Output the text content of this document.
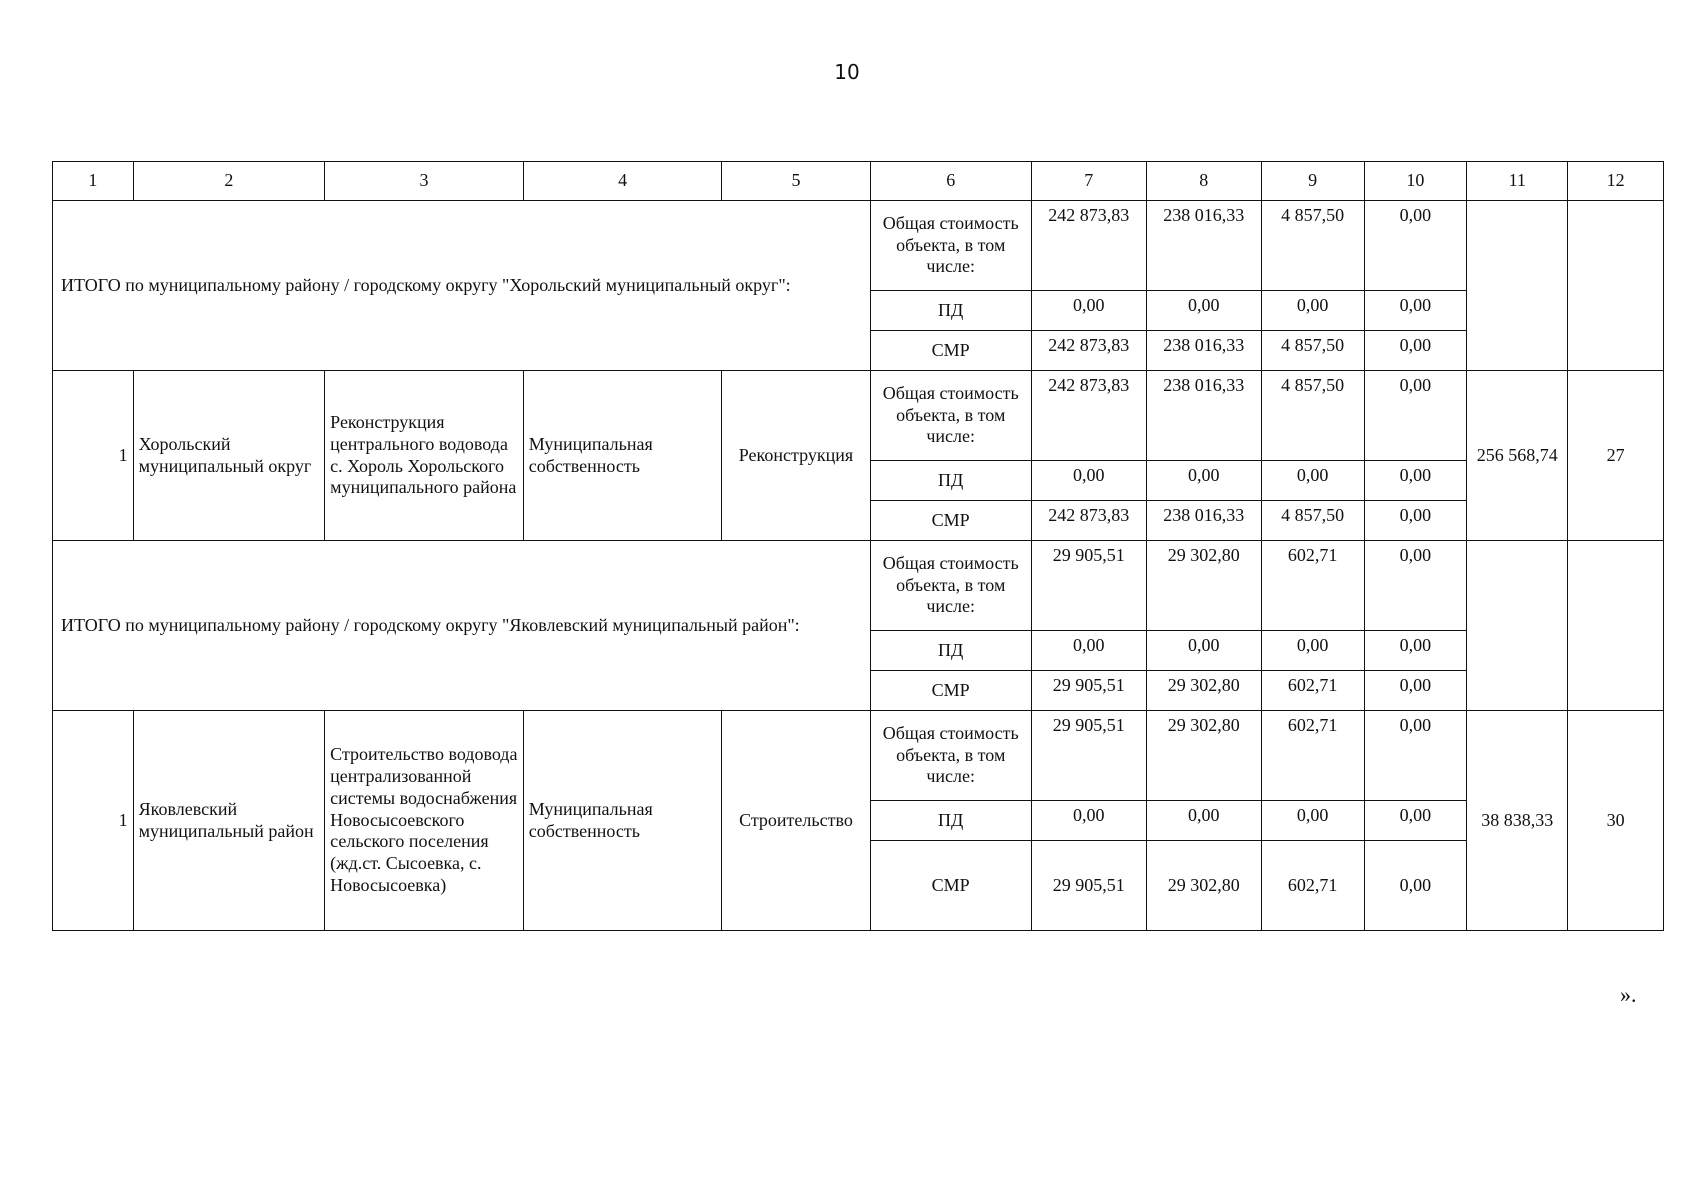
10
1	2	3	4	5	6	7	8	9	10	11	12
ИТОГО по муниципальному району / городскому округу "Хорольский муниципальный округ":					Общая стоимость объекта, в том числе:	242 873,83	238 016,33	4 857,50	0,00		
					ПД	0,00	0,00	0,00	0,00		
					СМР	242 873,83	238 016,33	4 857,50	0,00		
1	Хорольский муниципальный округ	Реконструкция центрального водовода с. Хороль Хорольского муниципального района	Муниципальная собственность	Реконструкция	Общая стоимость объекта, в том числе:	242 873,83	238 016,33	4 857,50	0,00	256 568,74	27
					ПД	0,00	0,00	0,00	0,00		
					СМР	242 873,83	238 016,33	4 857,50	0,00		
ИТОГО по муниципальному району / городскому округу "Яковлевский муниципальный район":					Общая стоимость объекта, в том числе:	29 905,51	29 302,80	602,71	0,00		
					ПД	0,00	0,00	0,00	0,00		
					СМР	29 905,51	29 302,80	602,71	0,00		
1	Яковлевский муниципальный район	Строительство водовода централизованной системы водоснабжения Новосысоевского сельского поселения (жд.ст. Сысоевка, с. Новосысоевка)	Муниципальная собственность	Строительство	Общая стоимость объекта, в том числе:	29 905,51	29 302,80	602,71	0,00	38 838,33	30
					ПД	0,00	0,00	0,00	0,00		
					СМР	29 905,51	29 302,80	602,71	0,00		
».
